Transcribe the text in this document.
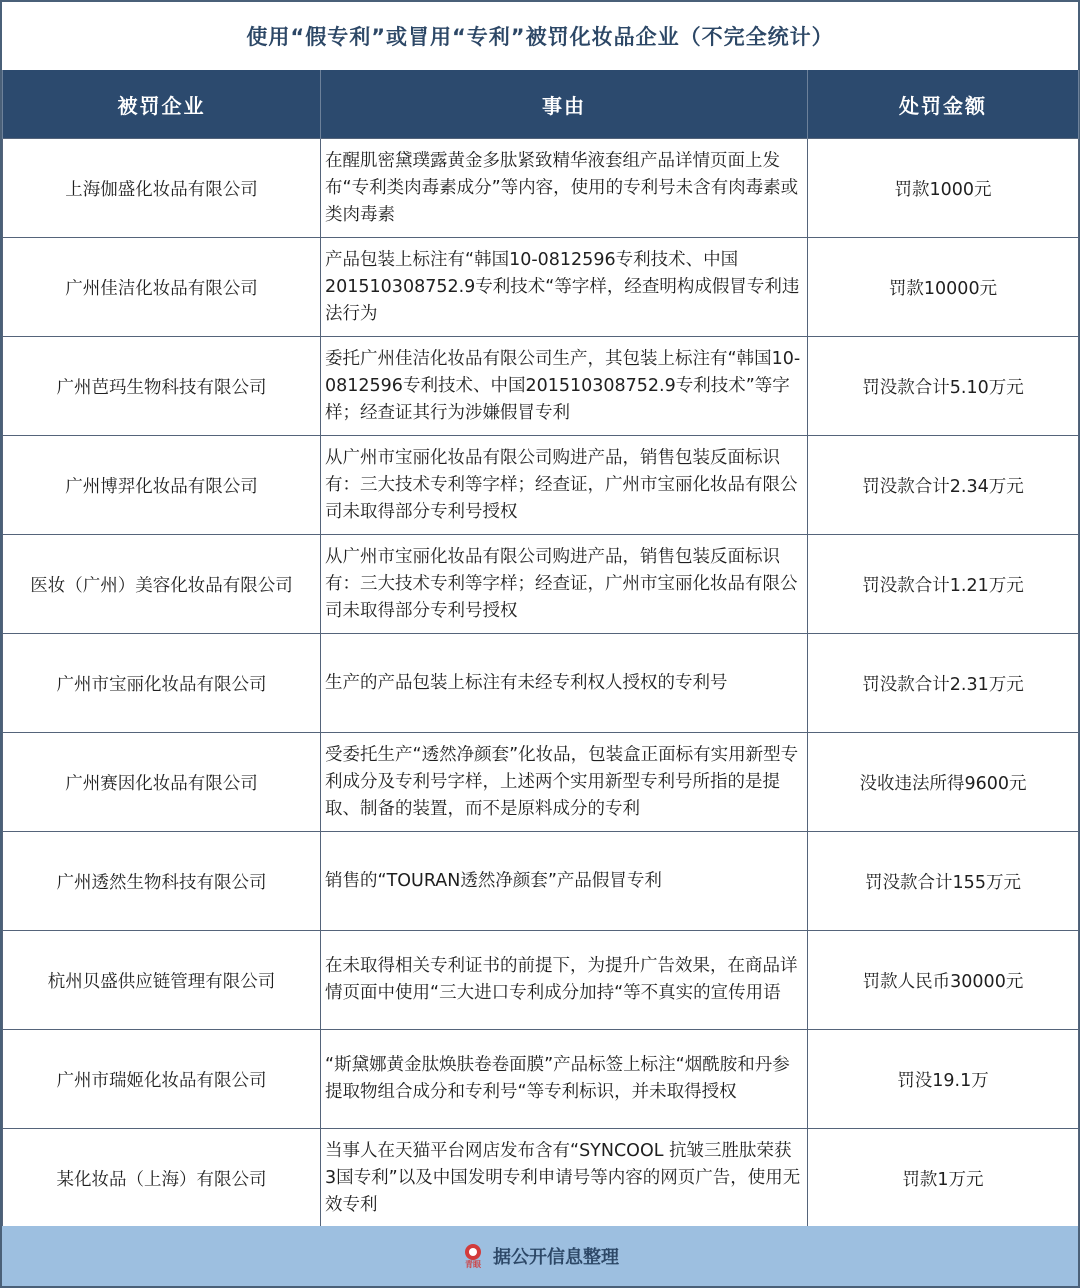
使用“假专利”或冒用“专利”被罚化妆品企业（不完全统计）
被罚企业	事由	处罚金额
上海伽盛化妆品有限公司	在醒肌密黛璞露黄金多肽紧致精华液套组产品详情页面上发布“专利类肉毒素成分”等内容，使用的专利号未含有肉毒素或类肉毒素	罚款1000元
广州佳洁化妆品有限公司	产品包装上标注有“韩国10-0812596专利技术、中国201510308752.9专利技术“等字样，经查明构成假冒专利违法行为	罚款10000元
广州芭玛生物科技有限公司	委托广州佳洁化妆品有限公司生产，其包装上标注有“韩国10-0812596专利技术、中国201510308752.9专利技术”等字样；经查证其行为涉嫌假冒专利	罚没款合计5.10万元
广州博羿化妆品有限公司	从广州市宝丽化妆品有限公司购进产品，销售包装反面标识有：三大技术专利等字样；经查证，广州市宝丽化妆品有限公司未取得部分专利号授权	罚没款合计2.34万元
医妆（广州）美容化妆品有限公司	从广州市宝丽化妆品有限公司购进产品，销售包装反面标识有：三大技术专利等字样；经查证，广州市宝丽化妆品有限公司未取得部分专利号授权	罚没款合计1.21万元
广州市宝丽化妆品有限公司	生产的产品包装上标注有未经专利权人授权的专利号	罚没款合计2.31万元
广州赛因化妆品有限公司	受委托生产“透然净颜套”化妆品，包装盒正面标有实用新型专利成分及专利号字样，上述两个实用新型专利号所指的是提取、制备的装置，而不是原料成分的专利	没收违法所得9600元
广州透然生物科技有限公司	销售的“TOURAN透然净颜套”产品假冒专利	罚没款合计155万元
杭州贝盛供应链管理有限公司	在未取得相关专利证书的前提下，为提升广告效果，在商品详情页面中使用“三大进口专利成分加持“等不真实的宣传用语	罚款人民币30000元
广州市瑞姬化妆品有限公司	“斯黛娜黄金肽焕肤卷卷面膜”产品标签上标注“烟酰胺和丹参提取物组合成分和专利号“等专利标识，并未取得授权	罚没19.1万
某化妆品（上海）有限公司	当事人在天猫平台网店发布含有“SYNCOOL 抗皱三胜肽荣获3国专利”以及中国发明专利申请号等内容的网页广告，使用无效专利	罚款1万元
青眼 据公开信息整理
